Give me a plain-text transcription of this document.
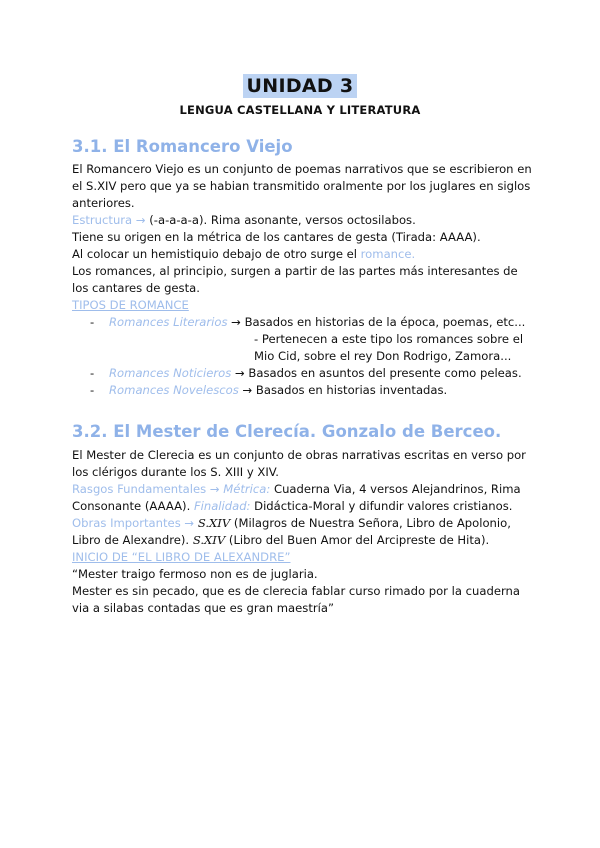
UNIDAD 3
LENGUA CASTELLANA Y LITERATURA
3.1. El Romancero Viejo

El Romancero Viejo es un conjunto de poemas narrativos que se escribieron en el S.XIV pero que ya se habian transmitido oralmente por los juglares en siglos anteriores.

Estructura → (-a-a-a-a). Rima asonante, versos octosilabos.

Tiene su origen en la métrica de los cantares de gesta (Tirada: AAAA).

Al colocar un hemistiquio debajo de otro surge el romance.

Los romances, al principio, surgen a partir de las partes más interesantes de los cantares de gesta.

TIPOS DE ROMANCE

- Romances Literarios → Basados en historias de la época, poemas, etc...
- Pertenecen a este tipo los romances sobre el Mio Cid, sobre el rey Don Rodrigo, Zamora...
- Romances Noticieros → Basados en asuntos del presente como peleas.
- Romances Novelescos → Basados en historias inventadas.
3.2. El Mester de Clerecía. Gonzalo de Berceo.

El Mester de Clerecia es un conjunto de obras narrativas escritas en verso por los clérigos durante los S. XIII y XIV.

Rasgos Fundamentales → Métrica: Cuaderna Via, 4 versos Alejandrinos, Rima Consonante (AAAA). Finalidad: Didáctica-Moral y difundir valores cristianos.

Obras Importantes → S.XIV (Milagros de Nuestra Señora, Libro de Apolonio, Libro de Alexandre). S.XIV (Libro del Buen Amor del Arcipreste de Hita).

INICIO DE “EL LIBRO DE ALEXANDRE”

“Mester traigo fermoso non es de juglaria.

Mester es sin pecado, que es de clerecia fablar curso rimado por la cuaderna via a silabas contadas que es gran maestría”
